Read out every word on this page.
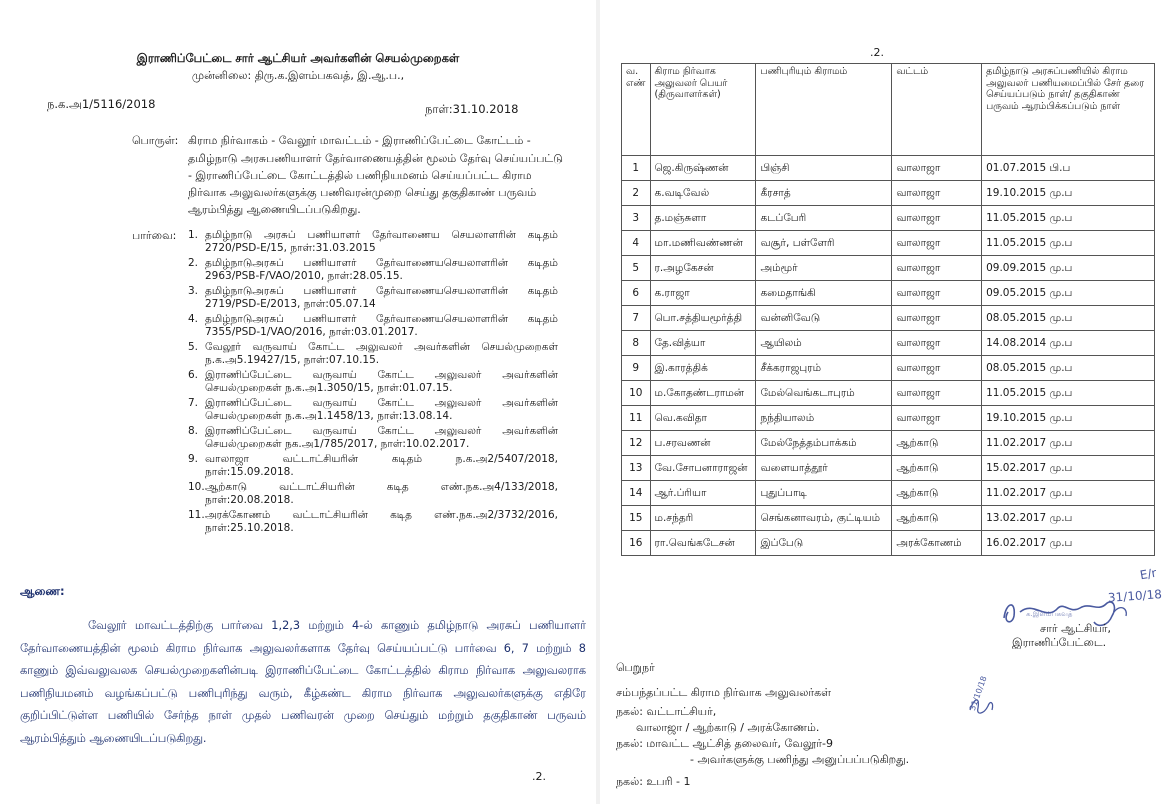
இராணிப்பேட்டை சார் ஆட்சியர் அவர்களின் செயல்முறைகள்
முன்னிலை: திரு.க.இளம்பகவத், இ.ஆ.ப.,
ந.க.அ1/5116/2018	நாள்:31.10.2018
பொருள்: கிராம நிர்வாகம் - வேலூர் மாவட்டம் - இராணிப்பேட்டை கோட்டம் -
தமிழ்நாடு அரசுபணியாளர் தேர்வாணையத்தின் மூலம் தேர்வு செய்யப்பட்டு
- இராணிப்பேட்டை கோட்டத்தில் பணிநியமனம் செய்யப்பட்ட கிராம
நிர்வாக அலுவலர்களுக்கு பணிவரன்முறை செய்து தகுதிகாண் பருவம்
ஆரம்பித்து ஆணையிடப்படுகிறது.
பார்வை: 1. தமிழ்நாடு அரசுப் பணியாளர் தேர்வாணைய செயலாளரின் கடிதம்
2720/PSD-E/15, நாள்:31.03.2015
2. தமிழ்நாடுஅரசுப் பணியாளர் தேர்வாணையசெயலாளரின் கடிதம்
2963/PSB-F/VAO/2010, நாள்:28.05.15.
3. தமிழ்நாடுஅரசுப் பணியாளர் தேர்வாணையசெயலாளரின் கடிதம்
2719/PSD-E/2013, நாள்:05.07.14
4. தமிழ்நாடுஅரசுப் பணியாளர் தேர்வாணையசெயலாளரின் கடிதம்
7355/PSD-1/VAO/2016, நாள்:03.01.2017.
5. வேலூர் வருவாய் கோட்ட அலுவலர் அவர்களின் செயல்முறைகள்
ந.க.அ5.19427/15, நாள்:07.10.15.
6. இராணிப்பேட்டை வருவாய் கோட்ட அலுவலர் அவர்களின்
செயல்முறைகள் ந.க.அ1.3050/15, நாள்:01.07.15.
7. இராணிப்பேட்டை வருவாய் கோட்ட அலுவலர் அவர்களின்
செயல்முறைகள் ந.க.அ1.1458/13, நாள்:13.08.14.
8. இராணிப்பேட்டை வருவாய் கோட்ட அலுவலர் அவர்களின்
செயல்முறைகள் நக.அ1/785/2017, நாள்:10.02.2017.
9. வாலாஜா	வட்டாட்சியரின்	கடிதம்	ந.க.அ2/5407/2018,
நாள்:15.09.2018.
10. ஆற்காடு	வட்டாட்சியரின்	கடித	எண்.நக.அ4/133/2018,
நாள்:20.08.2018.
11. அரக்கோணம் வட்டாட்சியரின் கடித எண்.நக.அ2/3732/2016,
நாள்:25.10.2018.
ஆணை:
வேலூர் மாவட்டத்திற்கு பார்வை 1,2,3 மற்றும் 4-ல் காணும் தமிழ்நாடு அரசுப் பணியாளர்
தேர்வாணையத்தின் மூலம் கிராம நிர்வாக அலுவலர்களாக தேர்வு செய்யப்பட்டு பார்வை 6, 7 மற்றும் 8
காணும் இவ்வலுவலக செயல்முறைகளின்படி இராணிப்பேட்டை கோட்டத்தில் கிராம நிர்வாக அலுவலராக
பணிநியமனம் வழங்கப்பட்டு பணிபுரிந்து வரும், கீழ்கண்ட கிராம நிர்வாக அலுவலர்களுக்கு எதிரே
குறிப்பிட்டுள்ள பணியில் சேர்ந்த நாள் முதல் பணிவரன் முறை செய்தும் மற்றும் தகுதிகாண் பருவம்
ஆரம்பித்தும் ஆணையிடப்படுகிறது.
.2.
.2.
வ. எண்	கிராம நிர்வாக அலுவலர் பெயர் (திருவாளர்கள்)	பணிபுரியும் கிராமம்	வட்டம்	தமிழ்நாடு அரசுப்பணியில் கிராம அலுவலர் பணியமைப்பில் சேர் தரை செய்யப்படும் நாள்/ தகுதிகாண் பருவம் ஆரம்பிக்கப்படும் நாள்
1	ஜெ.கிருஷ்ணன்	பிஞ்சி	வாலாஜா	01.07.2015 பி.ப
2	க.வடிவேல்	கீரசாத்	வாலாஜா	19.10.2015 மு.ப
3	த.மஞ்சுளா	கடப்பேரி	வாலாஜா	11.05.2015 மு.ப
4	மா.மணிவண்ணன்	வசூர், பள்ளேரி	வாலாஜா	11.05.2015 மு.ப
5	ர.அழகேசன்	அம்மூர்	வாலாஜா	09.09.2015 மு.ப
6	க.ராஜா	கமைதாங்கி	வாலாஜா	09.05.2015 மு.ப
7	பொ.சத்தியமூர்த்தி	வன்னிவேடு	வாலாஜா	08.05.2015 மு.ப
8	தே.வித்யா	ஆயிலம்	வாலாஜா	14.08.2014 மு.ப
9	இ.காரத்திக்	சீக்கராஜபுரம்	வாலாஜா	08.05.2015 மு.ப
10	ம.கோதண்டராமன்	மேல்வெங்கடாபுரம்	வாலாஜா	11.05.2015 மு.ப
11	வெ.கவிதா	நந்தியாலம்	வாலாஜா	19.10.2015 மு.ப
12	ப.சரவணன்	மேல்நேத்தம்பாக்கம்	ஆற்காடு	11.02.2017 மு.ப
13	வே.சோபனாராஜன்	வளையாத்தூர்	ஆற்காடு	15.02.2017 மு.ப
14	ஆர்.ப்ரியா	புதுப்பாடி	ஆற்காடு	11.02.2017 மு.ப
15	ம.சந்தரி	செங்கனாவரம், குட்டியம்	ஆற்காடு	13.02.2017 மு.ப
16	ரா.வெங்கடேசன்	இப்பேடு	அரக்கோணம்	16.02.2017 மு.ப
31/10/18
E/r
க.இளம்பகவத்
சார் ஆட்சியர்,
இராணிப்பேட்டை.
பெறுநர்
சம்பந்தப்பட்ட கிராம நிர்வாக அலுவலர்கள்	31/10/18
நகல்: வட்டாட்சியர்,
வாலாஜா / ஆற்காடு / அரக்கோணம்.
நகல்: மாவட்ட ஆட்சித் தலைவர், வேலூர்-9
- அவர்களுக்கு பணிந்து அனுப்பப்படுகிறது.
நகல்: உபரி - 1
